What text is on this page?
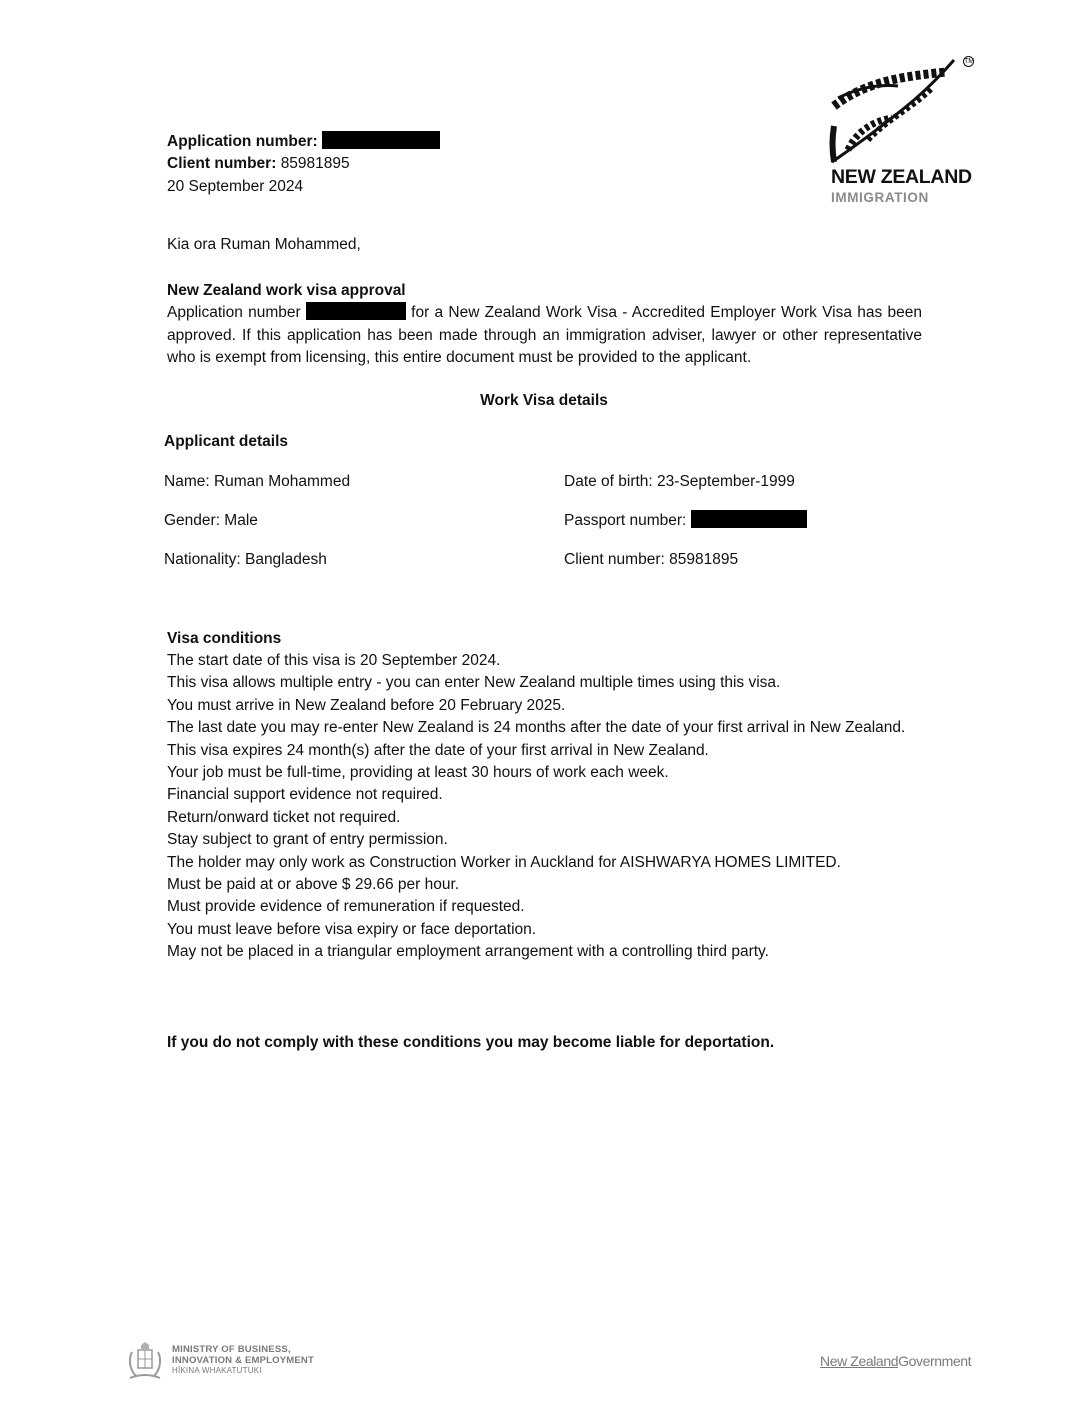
Application number:
Client number: 85981895
20 September 2024
TM
NEW ZEALAND
IMMIGRATION
Kia ora Ruman Mohammed,
New Zealand work visa approval
Application number	for a New Zealand Work Visa - Accredited Employer Work Visa has been approved. If this application has been made through an immigration adviser, lawyer or other representative who is exempt from licensing, this entire document must be provided to the applicant.
Work Visa details
Applicant details
Name: Ruman Mohammed	Date of birth: 23-September-1999
Gender: Male	Passport number:
Nationality: Bangladesh	Client number: 85981895
Visa conditions
The start date of this visa is 20 September 2024.
This visa allows multiple entry - you can enter New Zealand multiple times using this visa.
You must arrive in New Zealand before 20 February 2025.
The last date you may re-enter New Zealand is 24 months after the date of your first arrival in New Zealand.
This visa expires 24 month(s) after the date of your first arrival in New Zealand.
Your job must be full-time, providing at least 30 hours of work each week.
Financial support evidence not required.
Return/onward ticket not required.
Stay subject to grant of entry permission.
The holder may only work as Construction Worker in Auckland for AISHWARYA HOMES LIMITED.
Must be paid at or above $ 29.66 per hour.
Must provide evidence of remuneration if requested.
You must leave before visa expiry or face deportation.
May not be placed in a triangular employment arrangement with a controlling third party.
If you do not comply with these conditions you may become liable for deportation.
MINISTRY OF BUSINESS,
INNOVATION & EMPLOYMENT
HĪKINA WHAKATUTUKI
New ZealandGovernment
